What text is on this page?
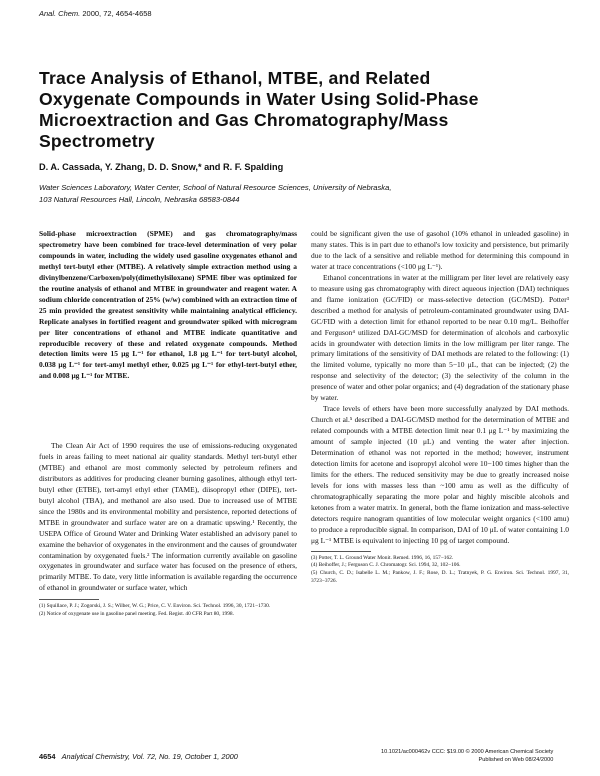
Anal. Chem. 2000, 72, 4654-4658
Trace Analysis of Ethanol, MTBE, and Related
Oxygenate Compounds in Water Using Solid-Phase
Microextraction and Gas Chromatography/Mass
Spectrometry
D. A. Cassada, Y. Zhang, D. D. Snow,* and R. F. Spalding
Water Sciences Laboratory, Water Center, School of Natural Resource Sciences, University of Nebraska,
103 Natural Resources Hall, Lincoln, Nebraska 68583-0844
Solid-phase microextraction (SPME) and gas chromatography/mass spectrometry have been combined for trace-level determination of very polar compounds in water, including the widely used gasoline oxygenates ethanol and methyl tert-butyl ether (MTBE). A relatively simple extraction method using a divinylbenzene/Carboxen/poly(dimethylsiloxane) SPME fiber was optimized for the routine analysis of ethanol and MTBE in groundwater and reagent water. A sodium chloride concentration of 25% (w/w) combined with an extraction time of 25 min provided the greatest sensitivity while maintaining analytical efficiency. Replicate analyses in fortified reagent and groundwater spiked with microgram per liter concentrations of ethanol and MTBE indicate quantitative and reproducible recovery of these and related oxygenate compounds. Method detection limits were 15 μg L⁻¹ for ethanol, 1.8 μg L⁻¹ for tert-butyl alcohol, 0.038 μg L⁻¹ for tert-amyl methyl ether, 0.025 μg L⁻¹ for ethyl-tert-butyl ether, and 0.008 μg L⁻¹ for MTBE.

The Clean Air Act of 1990 requires the use of emissions-reducing oxygenated fuels in areas failing to meet national air quality standards. Methyl tert-butyl ether (MTBE) and ethanol are most commonly selected by petroleum refiners and distributors as additives for producing cleaner burning gasolines, although ethyl tert-butyl ether (ETBE), tert-amyl ethyl ether (TAME), diisopropyl ether (DIPE), tert-butyl alcohol (TBA), and methanol are also used. Due to increased use of MTBE since the 1980s and its environmental mobility and persistence, reported detections of MTBE in groundwater and surface water are on a dramatic upswing.¹ Recently, the USEPA Office of Ground Water and Drinking Water established an advisory panel to examine the behavior of oxygenates in the environment and the causes of groundwater contamination by oxygenated fuels.² The information currently available on gasoline oxygenates in groundwater and surface water has focused on the presence of ethers, primarily MTBE. To date, very little information is available regarding the occurrence of ethanol in groundwater or surface water, which

(1) Squillace, P. J.; Zogorski, J. S.; Wilber, W. G.; Price, C. V. Environ. Sci. Technol. 1996, 30, 1721−1730.
(2) Notice of oxygenate use in gasoline panel meeting. Fed. Regist. 40 CFR Part 80, 1998.

could be significant given the use of gasohol (10% ethanol in unleaded gasoline) in many states. This is in part due to ethanol's low toxicity and persistence, but primarily due to the lack of a sensitive and reliable method for determining this compound in water at trace concentrations (<100 μg L⁻¹).

Ethanol concentrations in water at the milligram per liter level are relatively easy to measure using gas chromatography with direct aqueous injection (DAI) techniques and flame ionization (GC/FID) or mass-selective detection (GC/MSD). Potter³ described a method for analysis of petroleum-contaminated groundwater using DAI-GC/FID with a detection limit for ethanol reported to be near 0.10 mg/L. Beihoffer and Ferguson⁴ utilized DAI-GC/MSD for determination of alcohols and carboxylic acids in groundwater with detection limits in the low milligram per liter range. The primary limitations of the sensitivity of DAI methods are related to the following: (1) the limited volume, typically no more than 5−10 μL, that can be injected; (2) the response and selectivity of the detector; (3) the selectivity of the column in the presence of water and other polar organics; and (4) degradation of the stationary phase by water.

Trace levels of ethers have been more successfully analyzed by DAI methods. Church et al.⁵ described a DAI-GC/MSD method for the determination of MTBE and related compounds with a MTBE detection limit near 0.1 μg L⁻¹ by maximizing the amount of sample injected (10 μL) and venting the water after injection. Determination of ethanol was not reported in the method; however, instrument detection limits for acetone and isopropyl alcohol were 10−100 times higher than the limits for the ethers. The reduced sensitivity may be due to greatly increased noise levels for ions with masses less than ~100 amu as well as the difficulty of chromatographically separating the more polar and highly miscible alcohols and ketones from a water matrix. In general, both the flame ionization and mass-selective detectors require nanogram quantities of low molecular weight organics (<100 amu) to produce a reproducible signal. In comparison, DAI of 10 μL of water containing 1.0 μg L⁻¹ MTBE is equivalent to injecting 10 pg of target compound.

(3) Potter, T. L. Ground Water Monit. Remed. 1996, 16, 157−162.
(4) Beihoffer, J.; Ferguson C. J. Chromatogr. Sci. 1994, 32, 102−106.
(5) Church, C. D.; Isabelle L. M.; Pankow, J. F.; Rose, D. L.; Tratnyek, P. G. Environ. Sci. Technol. 1997, 31, 3723−3726.
4654 Analytical Chemistry, Vol. 72, No. 19, October 1, 2000	10.1021/ac000462v CCC: $19.00 © 2000 American Chemical Society
Published on Web 08/24/2000
